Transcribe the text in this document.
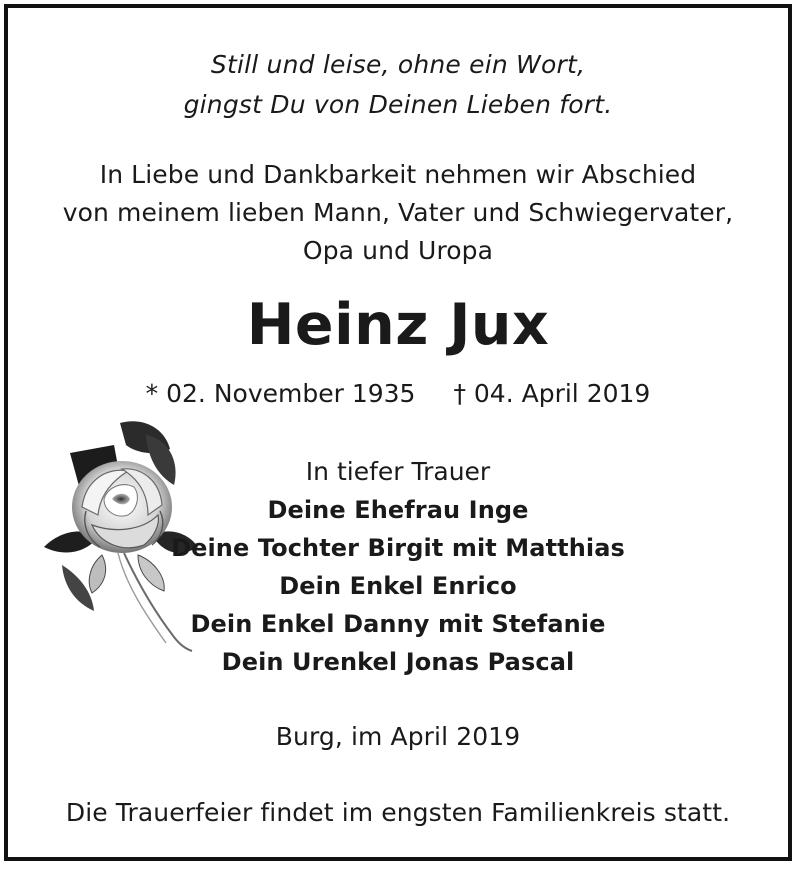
Still und leise, ohne ein Wort,
gingst Du von Deinen Lieben fort.
In Liebe und Dankbarkeit nehmen wir Abschied
von meinem lieben Mann, Vater und Schwiegervater,
Opa und Uropa
Heinz Jux
* 02. November 1935 † 04. April 2019
In tiefer Trauer
Deine Ehefrau Inge
Deine Tochter Birgit mit Matthias
Dein Enkel Enrico
Dein Enkel Danny mit Stefanie
Dein Urenkel Jonas Pascal
Burg, im April 2019
Die Trauerfeier findet im engsten Familienkreis statt.
